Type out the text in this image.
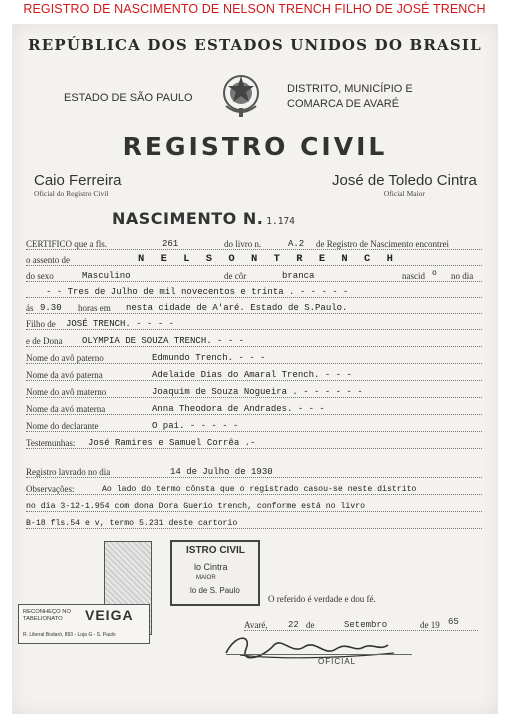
REGISTRO DE NASCIMENTO DE NELSON TRENCH FILHO DE JOSÉ TRENCH
REPÚBLICA DOS ESTADOS UNIDOS DO BRASIL
ESTADO DE SÃO PAULO
DISTRITO, MUNICÍPIO E
COMARCA DE AVARÉ
REGISTRO CIVIL
Caio Ferreira
Oficial do Registro Civil
José de Toledo Cintra
Oficial Maior
NASCIMENTO N. 1.174
CERTIFICO que a fls.	261	do livro n.	A.2 de Registro de Nascimento encontrei
o assento de	N E L S O N T R E N C H
do sexo	Masculino	de côr	branca	nascid o no dia
- - Tres de Julho de mil novecentos e trinta . - - - - -
ás 9.30 horas em nesta cidade de A'aré. Estado de S.Paulo.
Filho de JOSÉ TRENCH. - - - -
e de Dona OLYMPIA DE SOUZA TRENCH. - - -
Nome do avô paterno	Edmundo Trench. - - -
Nome da avó paterna	Adelaide Dias do Amaral Trench. - - -
Nome do avô materno	Joaquim de Souza Nogueira . - - - - - -
Nome da avó materna	Anna Theodora de Andrades. - - -
Nome do declarante	O pai. - - - - -
Testemunhas: José Ramires e Samuel Corrêa .-
Registro lavrado no dia	14 de Julho de 1930
Observações:	Ao lado do termo cônsta que o registrado casou-se neste distrito
no dia 3-12-1.954 com dona Dora Guerio trench, conforme está no livro
B-18 fls.54 e v, termo 5.231 deste cartorio
ISTRO CIVIL
lo Cintra
MAIOR
lo de S. Paulo
RECONHEÇO NO TABELIONATO	VEIGA
R. Liberal Bodaró, 893 - Loja G - S. Paulo
O referido é verdade e dou fé.
Avaré, 22 de	Setembro	de 19 65
OFICIAL
